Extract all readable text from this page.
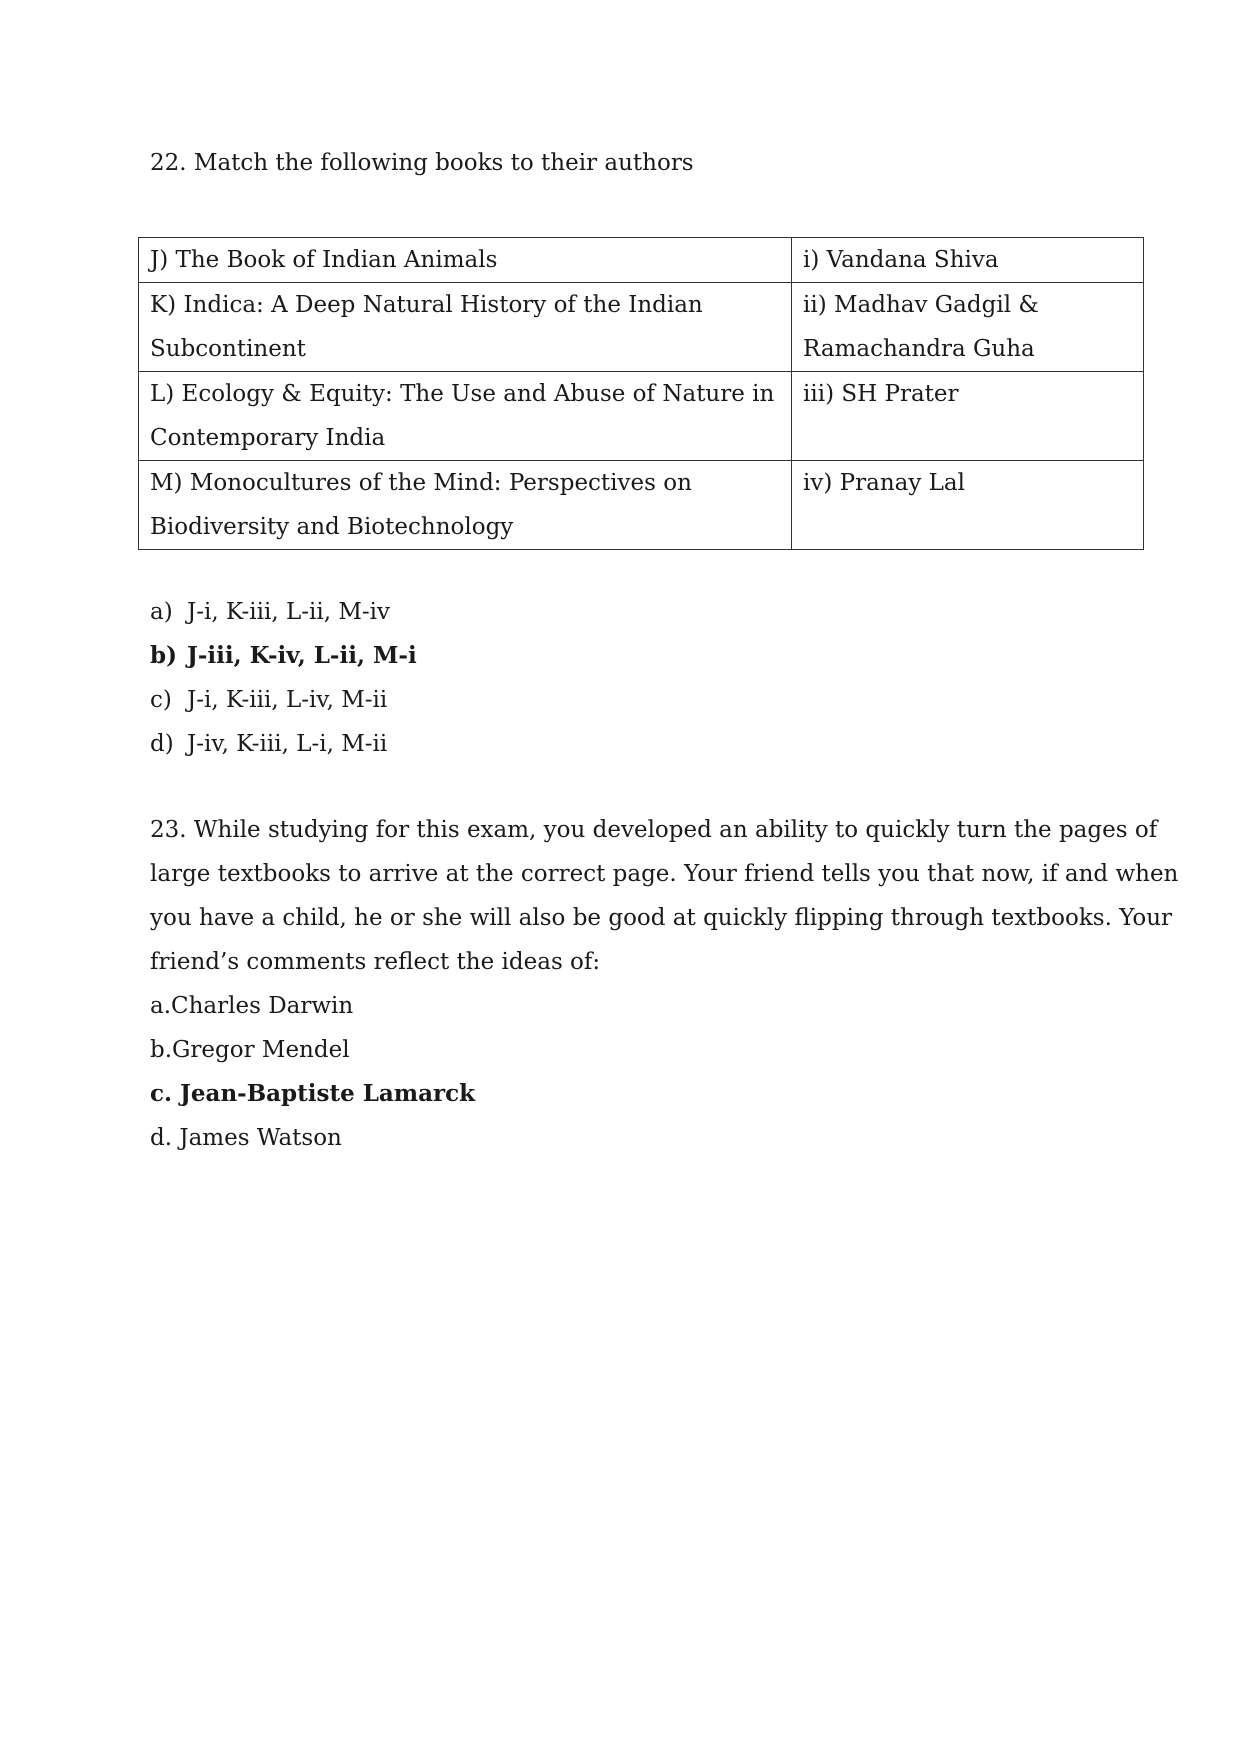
22. Match the following books to their authors
J) The Book of Indian Animals	i) Vandana Shiva

K) Indica: A Deep Natural History of the Indian
Subcontinent	ii) Madhav Gadgil &
Ramachandra Guha

L) Ecology & Equity: The Use and Abuse of Nature in
Contemporary India	iii) SH Prater

M) Monocultures of the Mind: Perspectives on
Biodiversity and Biotechnology	iv) Pranay Lal
a) J-i, K-iii, L-ii, M-iv
b) J-iii, K-iv, L-ii, M-i
c) J-i, K-iii, L-iv, M-ii
d) J-iv, K-iii, L-i, M-ii
23. While studying for this exam, you developed an ability to quickly turn the pages of
large textbooks to arrive at the correct page. Your friend tells you that now, if and when
you have a child, he or she will also be good at quickly flipping through textbooks. Your
friend’s comments reflect the ideas of:
a.Charles Darwin
b.Gregor Mendel
c. Jean-Baptiste Lamarck
d. James Watson
